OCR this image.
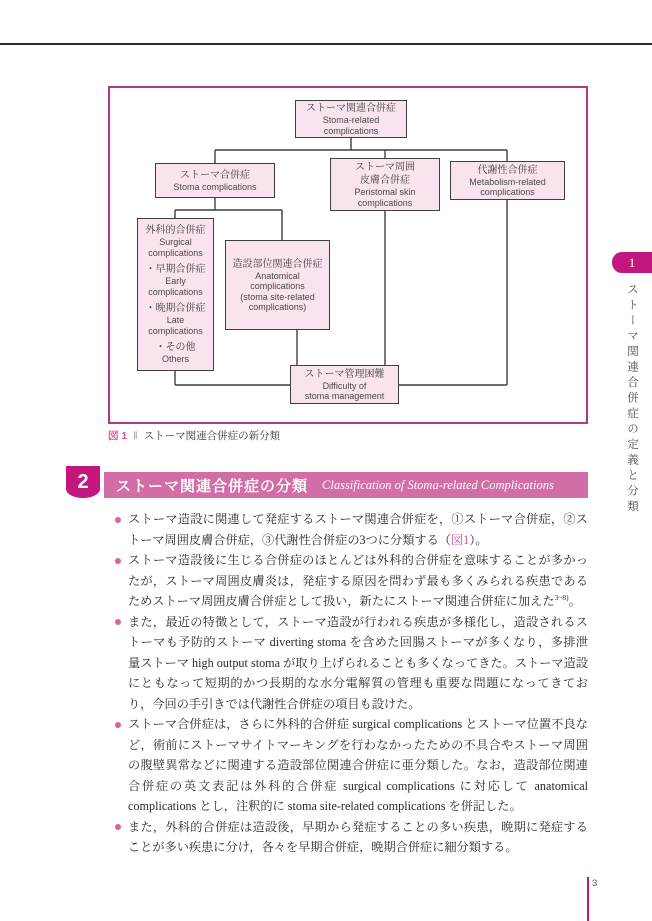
ストーマ関連合併症
Stoma-related
complications
ストーマ合併症
Stoma complications
ストーマ周囲
皮膚合併症
Peristomal skin
complications
代謝性合併症
Metabolism-related
complications
外科的合併症
Surgical
complications
・早期合併症
Early
complications
・晩期合併症
Late
complications
・その他
Others
造設部位関連合併症
Anatomical
complications
(stoma site-related
complications)
ストーマ管理困難
Difficulty of
stoma management
図 1 ‖ ストーマ関連合併症の新分類
2	ストーマ関連合併症の分類 Classification of Stoma-related Complications
ストーマ造設に関連して発症するストーマ関連合併症を，①ストーマ合併症，②ストーマ周囲皮膚合併症，③代謝性合併症の3つに分類する（図1）。
ストーマ造設後に生じる合併症のほとんどは外科的合併症を意味することが多かったが，ストーマ周囲皮膚炎は，発症する原因を問わず最も多くみられる疾患であるためストーマ周囲皮膚合併症として扱い，新たにストーマ関連合併症に加えた$^{3\sim 8)}$。
また，最近の特徴として，ストーマ造設が行われる疾患が多様化し，造設されるストーマも予防的ストーマ diverting stoma を含めた回腸ストーマが多くなり，多排泄量ストーマ high output stoma が取り上げられることも多くなってきた。ストーマ造設にともなって短期的かつ長期的な水分電解質の管理も重要な問題になってきており，今回の手引きでは代謝性合併症の項目も設けた。
ストーマ合併症は，さらに外科的合併症 surgical complications とストーマ位置不良など，術前にストーマサイトマーキングを行わなかったための不具合やストーマ周囲の腹壁異常などに関連する造設部位関連合併症に亜分類した。なお，造設部位関連合併症の英文表記は外科的合併症 surgical complications に対応して anatomical complications とし，注釈的に stoma site-related complications を併記した。
また，外科的合併症は造設後，早期から発症することの多い疾患，晩期に発症することが多い疾患に分け，各々を早期合併症，晩期合併症に細分類する。
1
ストーマ関連合併症の定義と分類
3
